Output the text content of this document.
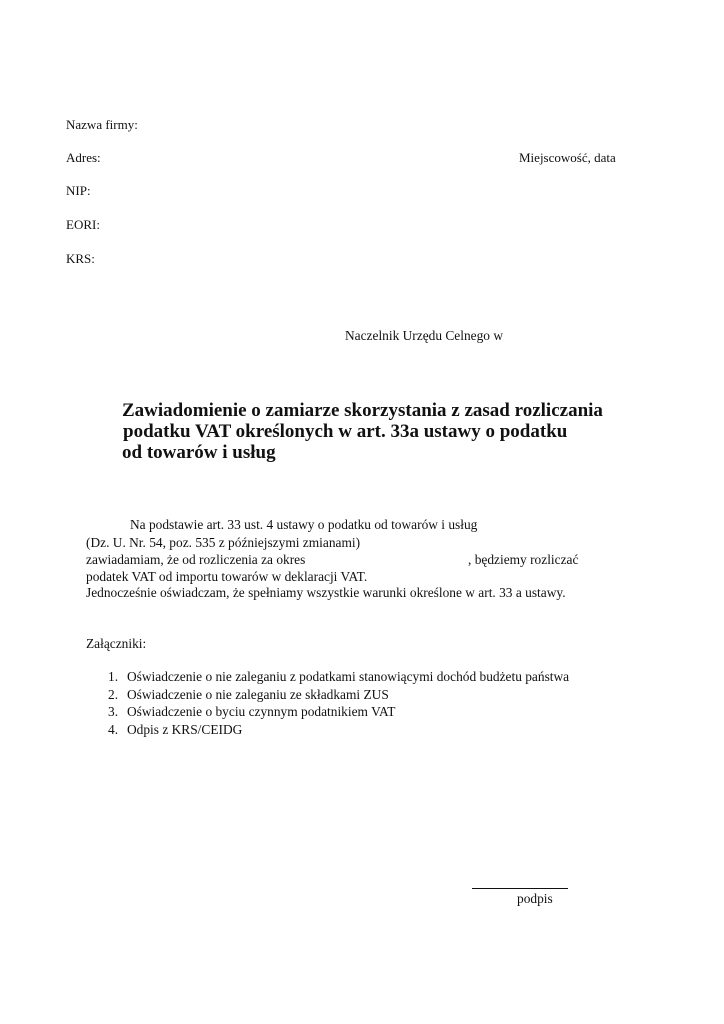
Nazwa firmy:
Adres:	Miejscowość, data
NIP:
EORI:
KRS:
Naczelnik Urzędu Celnego w
Zawiadomienie o zamiarze skorzystania z zasad rozliczania
podatku VAT określonych w art. 33a ustawy o podatku
od towarów i usług
Na podstawie art. 33 ust. 4 ustawy o podatku od towarów i usług
(Dz. U. Nr. 54, poz. 535 z późniejszymi zmianami)
zawiadamiam, że od rozliczenia za okres	, będziemy rozliczać
podatek VAT od importu towarów w deklaracji VAT.
Jednocześnie oświadczam, że spełniamy wszystkie warunki określone w art. 33 a ustawy.
Załączniki:
1. Oświadczenie o nie zaleganiu z podatkami stanowiącymi dochód budżetu państwa
2. Oświadczenie o nie zaleganiu ze składkami ZUS
3. Oświadczenie o byciu czynnym podatnikiem VAT
4. Odpis z KRS/CEIDG
podpis
